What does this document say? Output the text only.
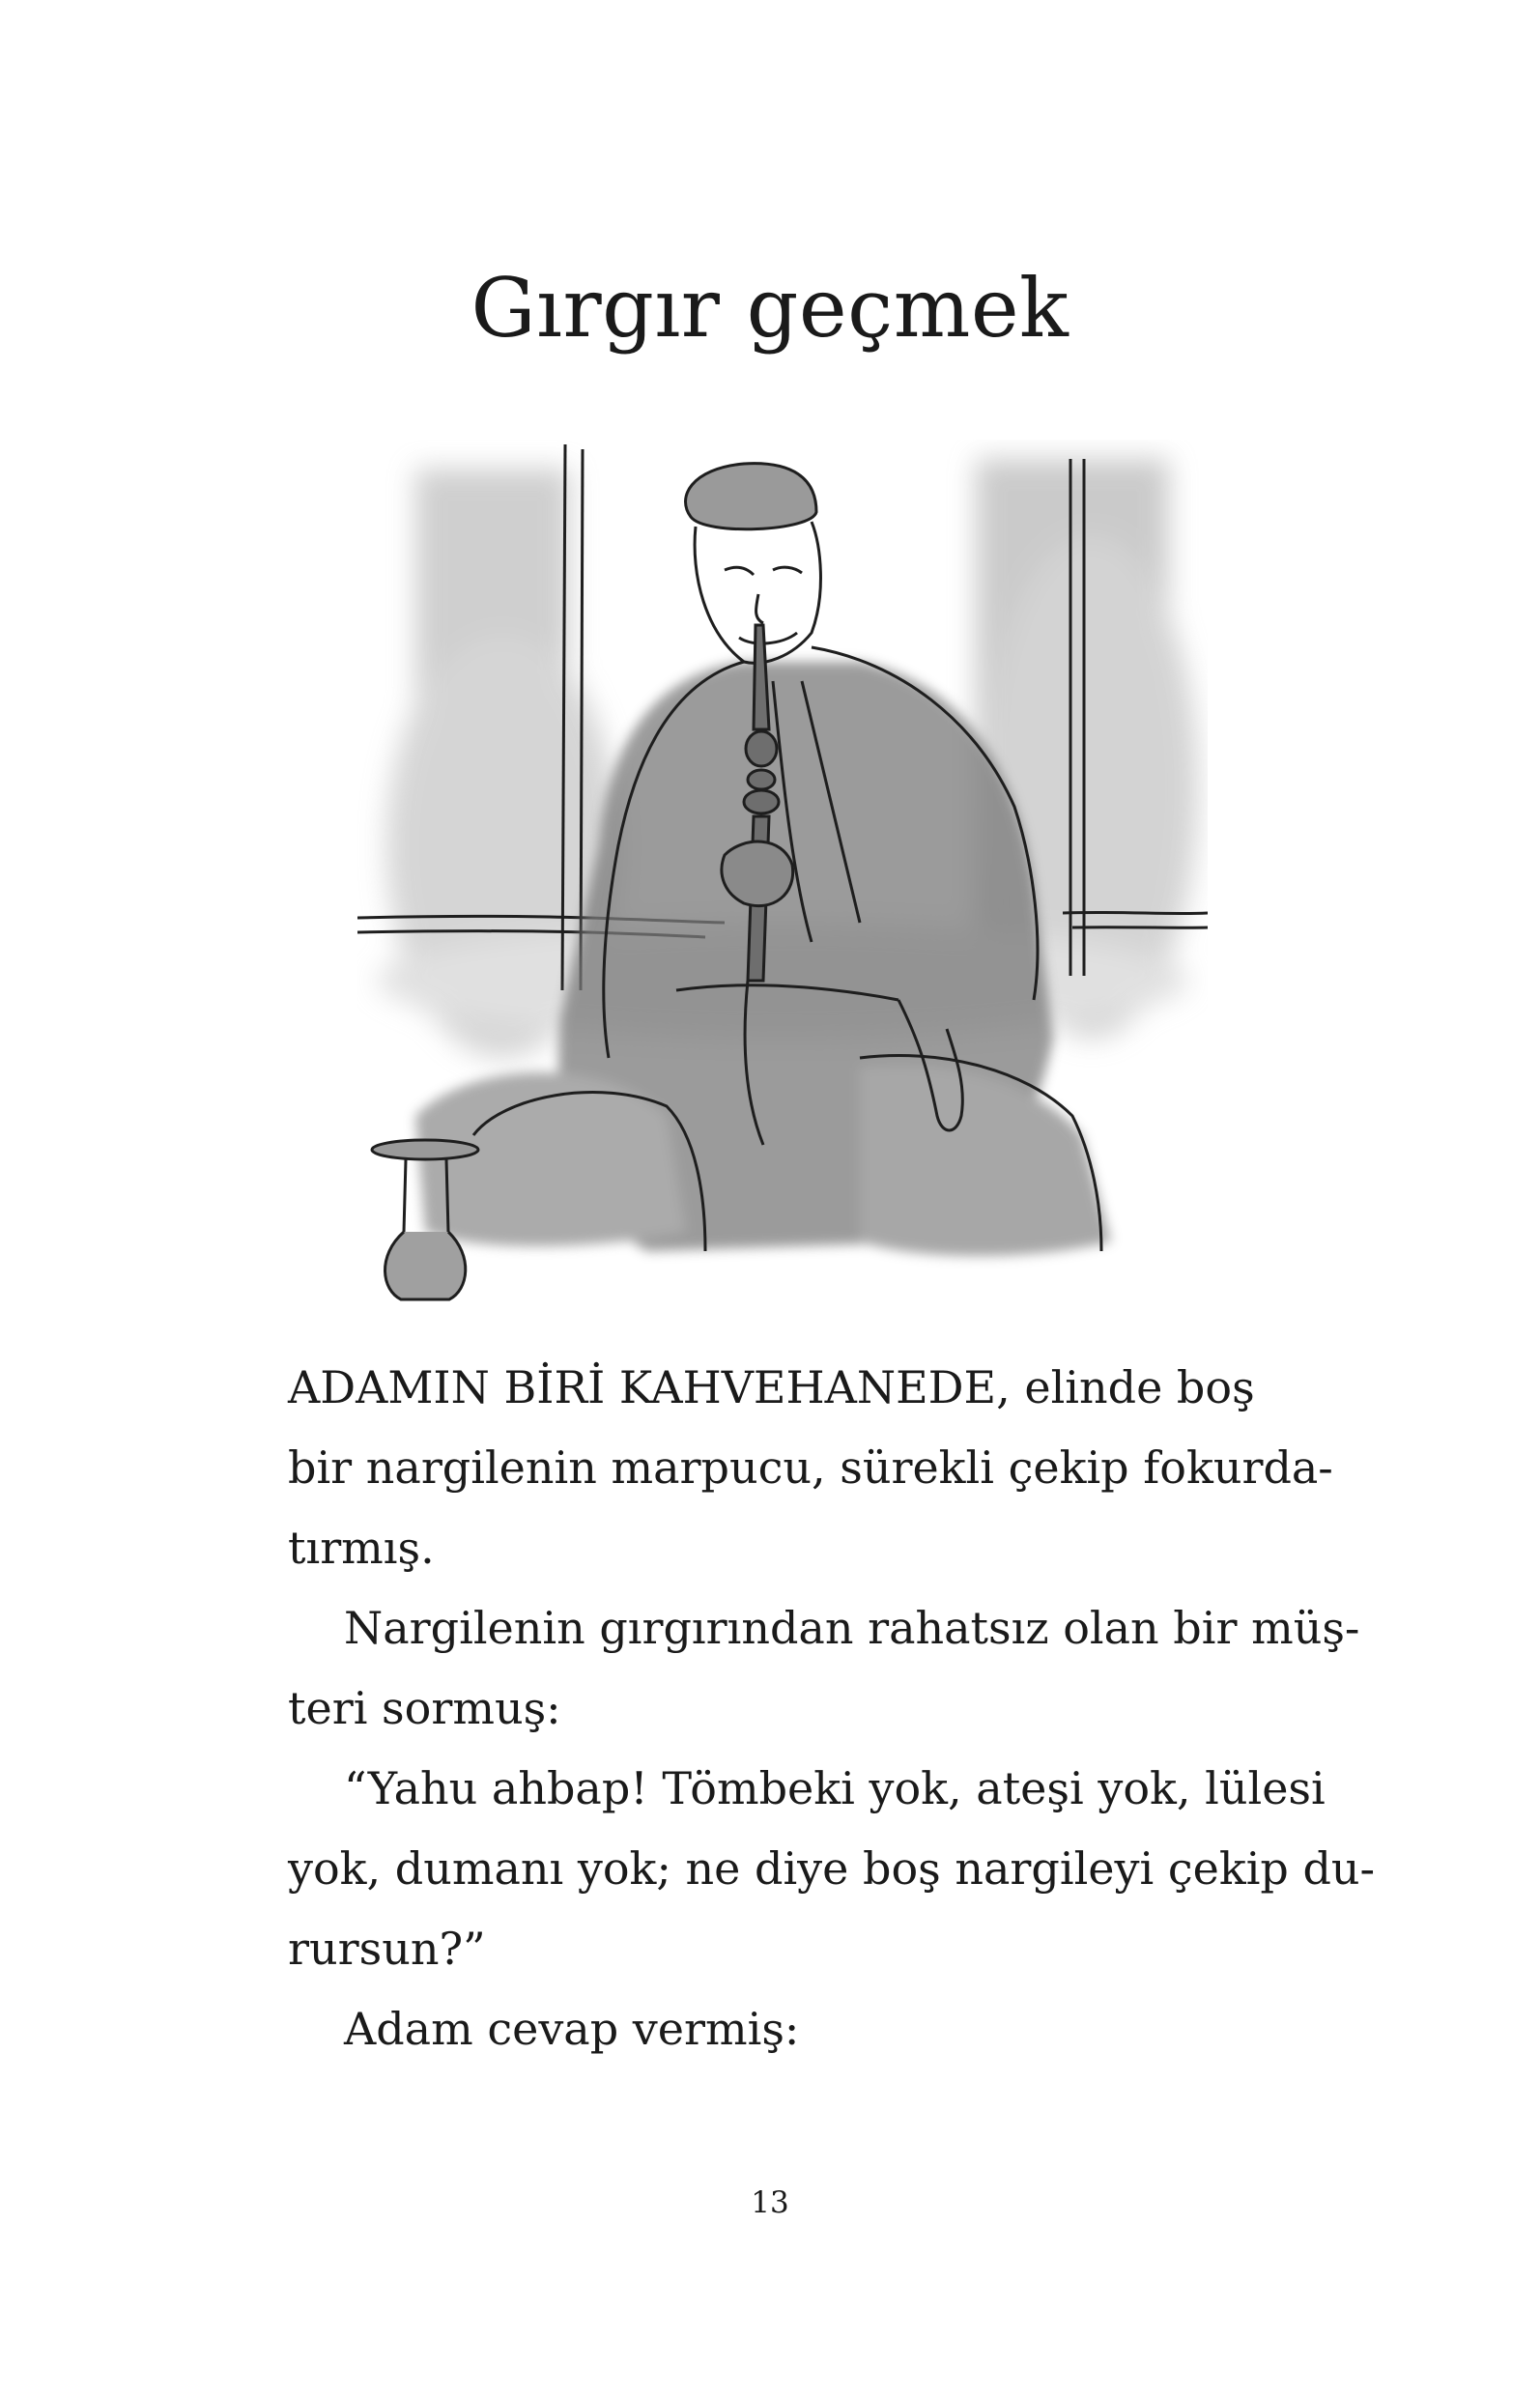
Gırgır geçmek
ADAMIN BİRİ KAHVEHANEDE, elinde boş
bir nargilenin marpucu, sürekli çekip fokurda-
tırmış.
Nargilenin gırgırından rahatsız olan bir müş-
teri sormuş:
“Yahu ahbap! Tömbeki yok, ateşi yok, lülesi
yok, dumanı yok; ne diye boş nargileyi çekip du-
rursun?”
Adam cevap vermiş:
13
